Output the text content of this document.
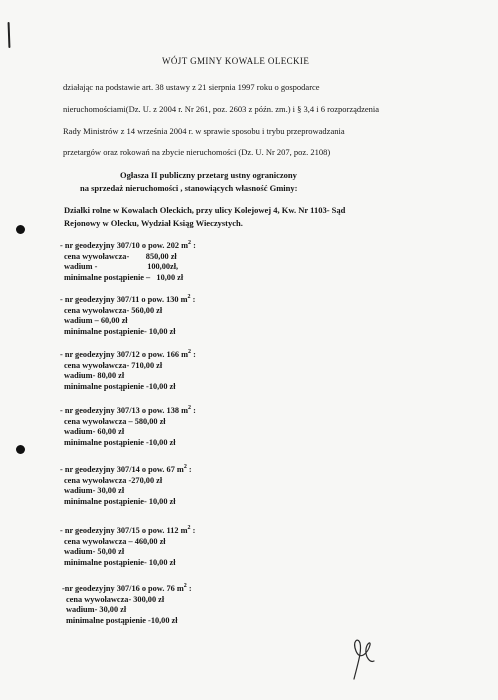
WÓJT GMINY KOWALE OLECKIE
działając na podstawie art. 38 ustawy z 21 sierpnia 1997 roku o gospodarce
nieruchomościami(Dz. U. z 2004 r. Nr 261, poz. 2603 z późn. zm.) i § 3,4 i 6 rozporządzenia
Rady Ministrów z 14 września 2004 r. w sprawie sposobu i trybu przeprowadzania
przetargów oraz rokowań na zbycie nieruchomości (Dz. U. Nr 207, poz. 2108)
Ogłasza II publiczny przetarg ustny ograniczony
na sprzedaż nieruchomości , stanowiących własność Gminy:
Działki rolne w Kowalach Oleckich, przy ulicy Kolejowej 4, Kw. Nr 1103- Sąd
Rejonowy w Olecku, Wydział Ksiąg Wieczystych.
- nr geodezyjny 307/10 o pow. 202 $m^2$ :
cena wywoławcza-        850,00 zł
wadium -                        100,00zł,
minimalne postąpienie –   10,00 zł
- nr geodezyjny 307/11 o pow. 130 $m^2$ :
cena wywoławcza- 560,00 zł
wadium – 60,00 zł
minimalne postąpienie- 10,00 zł
- nr geodezyjny 307/12 o pow. 166 $m^2$ :
cena wywoławcza- 710,00 zł
wadium- 80,00 zł
minimalne postąpienie -10,00 zł
- nr geodezyjny 307/13 o pow. 138 $m^2$ :
cena wywoławcza – 580,00 zł
wadium- 60,00 zł
minimalne postąpienie -10,00 zł
- nr geodezyjny 307/14 o pow. 67 $m^2$ :
cena wywoławcza -270,00 zł
wadium- 30,00 zł
minimalne postąpienie- 10,00 zł
- nr geodezyjny 307/15 o pow. 112 $m^2$ :
cena wywoławcza – 460,00 zł
wadium- 50,00 zł
minimalne postąpienie- 10,00 zł
-nr geodezyjny 307/16 o pow. 76 $m^2$ :
cena wywoławcza- 300,00 zł
wadium- 30,00 zł
minimalne postąpienie -10,00 zł
